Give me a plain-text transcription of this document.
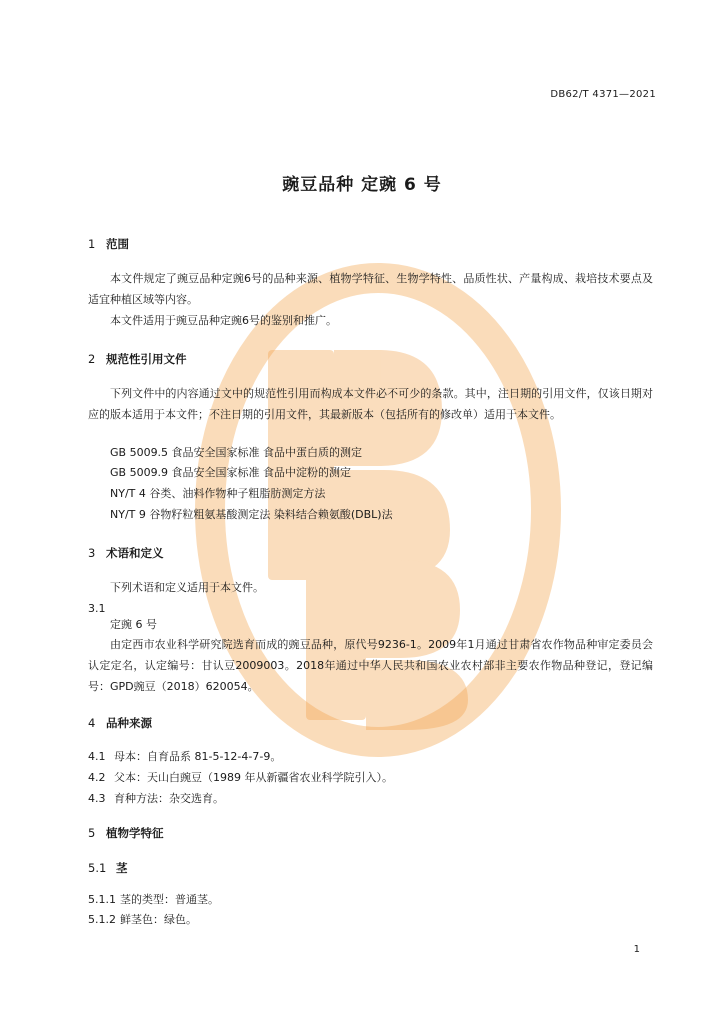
DB62/T 4371—2021
豌豆品种 定豌 6 号
1 范围
本文件规定了豌豆品种定豌6号的品种来源、植物学特征、生物学特性、品质性状、产量构成、栽培技术要点及适宜种植区域等内容。
本文件适用于豌豆品种定豌6号的鉴别和推广。
2 规范性引用文件
下列文件中的内容通过文中的规范性引用而构成本文件必不可少的条款。其中，注日期的引用文件，仅该日期对应的版本适用于本文件；不注日期的引用文件，其最新版本（包括所有的修改单）适用于本文件。
GB 5009.5 食品安全国家标准 食品中蛋白质的测定
GB 5009.9 食品安全国家标准 食品中淀粉的测定
NY/T 4 谷类、油料作物种子粗脂肪测定方法
NY/T 9 谷物籽粒粗氨基酸测定法 染料结合赖氨酸(DBL)法
3 术语和定义
下列术语和定义适用于本文件。
3.1
定豌 6 号
由定西市农业科学研究院选育而成的豌豆品种，原代号9236-1。2009年1月通过甘肃省农作物品种审定委员会认定定名，认定编号：甘认豆2009003。2018年通过中华人民共和国农业农村部非主要农作物品种登记，登记编号：GPD豌豆（2018）620054。
4 品种来源
4.1 母本：自育品系 81-5-12-4-7-9。
4.2 父本：天山白豌豆（1989 年从新疆省农业科学院引入）。
4.3 育种方法：杂交选育。
5 植物学特征
5.1 茎
5.1.1 茎的类型：普通茎。
5.1.2 鲜茎色：绿色。
1
